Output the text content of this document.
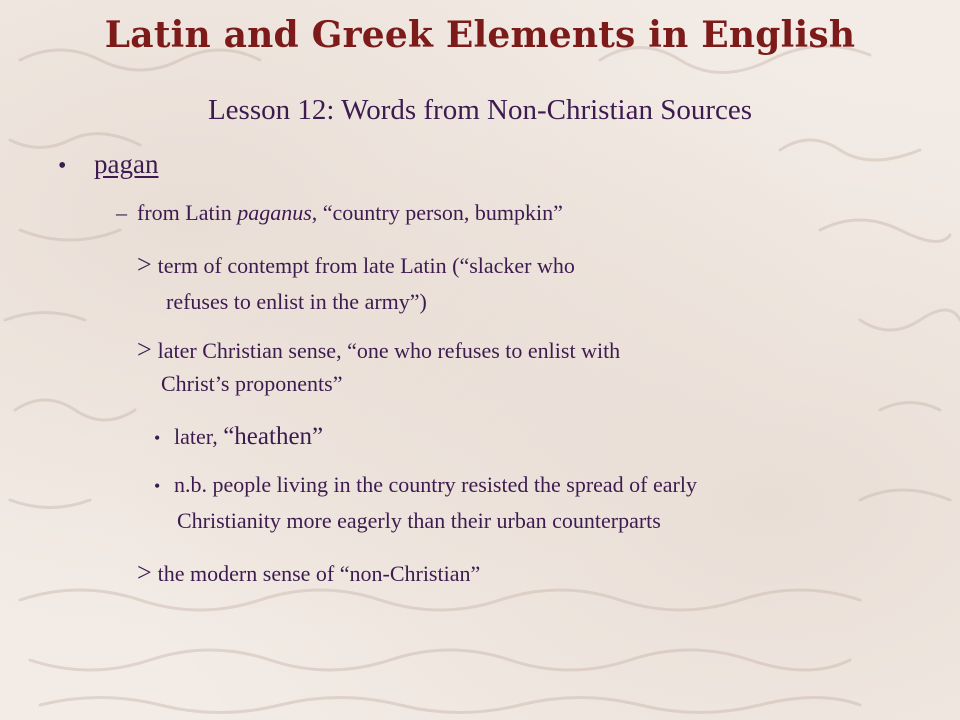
Latin and Greek Elements in English
Lesson 12: Words from Non-Christian Sources
• pagan
– from Latin paganus, “country person, bumpkin”
> term of contempt from late Latin (“slacker who
refuses to enlist in the army”)
> later Christian sense, “one who refuses to enlist with
Christ’s proponents”
• later, “heathen”
• n.b. people living in the country resisted the spread of early
Christianity more eagerly than their urban counterparts
> the modern sense of “non-Christian”
